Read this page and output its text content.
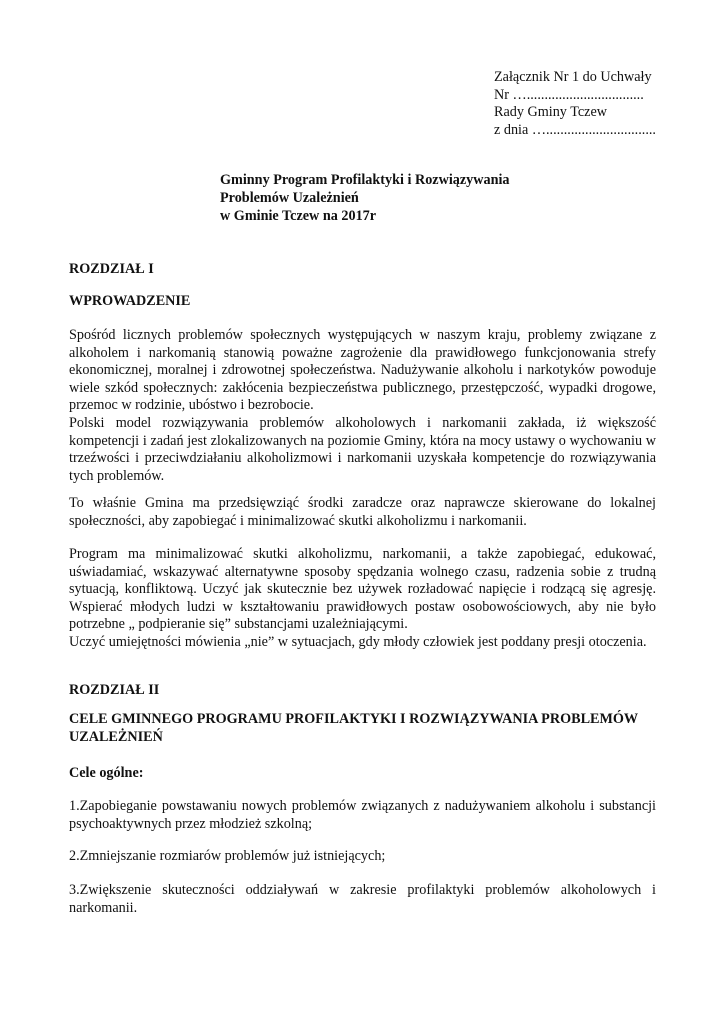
Załącznik Nr 1 do Uchwały
Nr ….................................
Rady Gminy Tczew
z dnia …...............................
Gminny Program Profilaktyki i Rozwiązywania
Problemów Uzależnień
w Gminie Tczew na 2017r

ROZDZIAŁ I

WPROWADZENIE

Spośród licznych problemów społecznych występujących w naszym kraju, problemy związane z alkoholem i narkomanią stanowią poważne zagrożenie dla prawidłowego funkcjonowania strefy ekonomicznej, moralnej i zdrowotnej społeczeństwa. Nadużywanie alkoholu i narkotyków powoduje wiele szkód społecznych: zakłócenia bezpieczeństwa publicznego, przestępczość, wypadki drogowe, przemoc w rodzinie, ubóstwo i bezrobocie.
Polski model rozwiązywania problemów alkoholowych i narkomanii zakłada, iż większość kompetencji i zadań jest zlokalizowanych na poziomie Gminy, która na mocy ustawy o wychowaniu w trzeźwości i przeciwdziałaniu alkoholizmowi i narkomanii uzyskała kompetencje do rozwiązywania tych problemów.

To właśnie Gmina ma przedsięwziąć środki zaradcze oraz naprawcze skierowane do lokalnej społeczności, aby zapobiegać i minimalizować skutki alkoholizmu i narkomanii.

Program ma minimalizować skutki alkoholizmu, narkomanii, a także zapobiegać, edukować, uświadamiać, wskazywać alternatywne sposoby spędzania wolnego czasu, radzenia sobie z trudną sytuacją, konfliktową. Uczyć jak skutecznie bez używek rozładować napięcie i rodzącą się agresję. Wspierać młodych ludzi w kształtowaniu prawidłowych postaw osobowościowych, aby nie było potrzebne „ podpieranie się” substancjami uzależniającymi.
Uczyć umiejętności mówienia „nie” w sytuacjach, gdy młody człowiek jest poddany presji otoczenia.

ROZDZIAŁ II

CELE GMINNEGO PROGRAMU PROFILAKTYKI I ROZWIĄZYWANIA PROBLEMÓW UZALEŻNIEŃ

Cele ogólne:

1.Zapobieganie powstawaniu nowych problemów związanych z nadużywaniem alkoholu i substancji psychoaktywnych przez młodzież szkolną;

2.Zmniejszanie rozmiarów problemów już istniejących;

3.Zwiększenie skuteczności oddziaływań w zakresie profilaktyki problemów alkoholowych i narkomanii.
